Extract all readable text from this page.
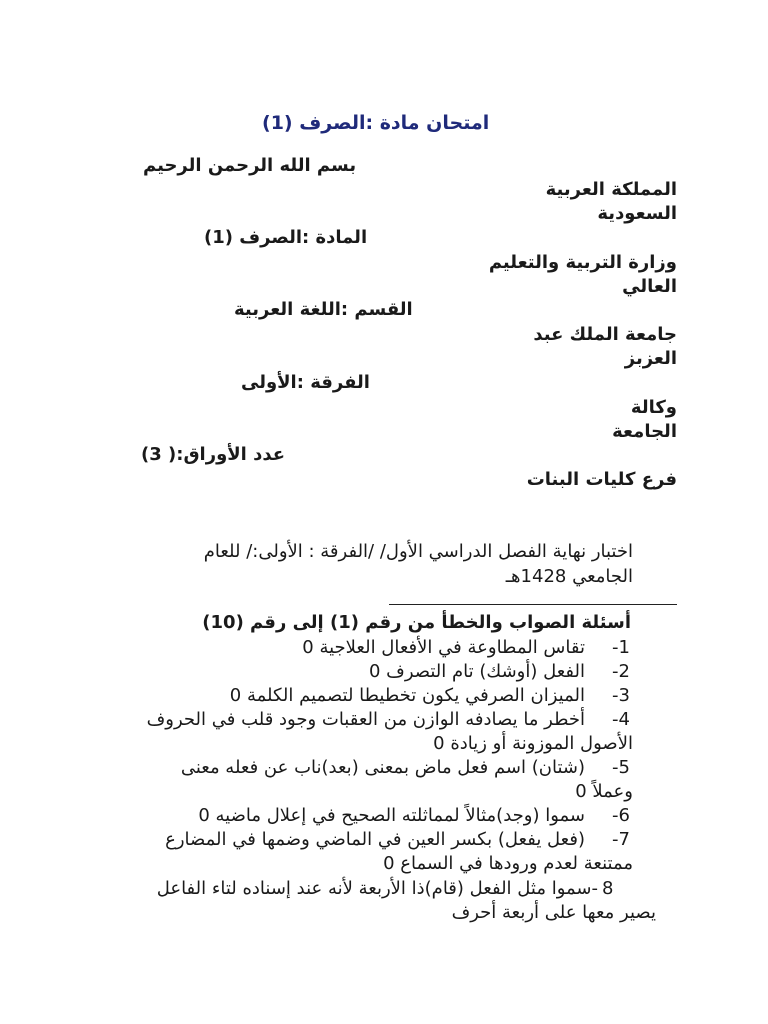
امتحان مادة :الصرف (1)
بسم الله الرحمن الرحيم
المملكة العربية
السعودية
المادة :الصرف (1)
وزارة التربية والتعليم
العالي
القسم :اللغة العربية
جامعة الملك عبد
العزبز
الفرقة :الأولى
وكالة
الجامعة
عدد الأوراق:( 3)
فرع كليات البنات
اختبار نهاية الفصل الدراسي الأول/ /الفرقة : الأولى:/ للعام
الجامعي 1428هـ
أسئلة الصواب والخطأ من رقم (1) إلى رقم (10)
-1
تقاس المطاوعة في الأفعال العلاجية 0
-2
الفعل (أوشك) تام التصرف 0
-3
الميزان الصرفي يكون تخطيطا لتصميم الكلمة 0
-4
أخطر ما يصادفه الوازن من العقبات وجود قلب في الحروف
الأصول الموزونة أو زيادة 0
-5
(شتان) اسم فعل ماض بمعنى (بعد)ناب عن فعله معنى
وعملاً 0
-6
سموا (وجد)مثالاً لمماثلته الصحيح في إعلال ماضيه 0
-7
(فعل يفعل) بكسر العين في الماضي وضمها في المضارع
ممتنعة لعدم ورودها في السماع 0
8
-سموا مثل الفعل (قام)ذا الأربعة لأنه عند إسناده لتاء الفاعل
يصير معها على أربعة أحرف
